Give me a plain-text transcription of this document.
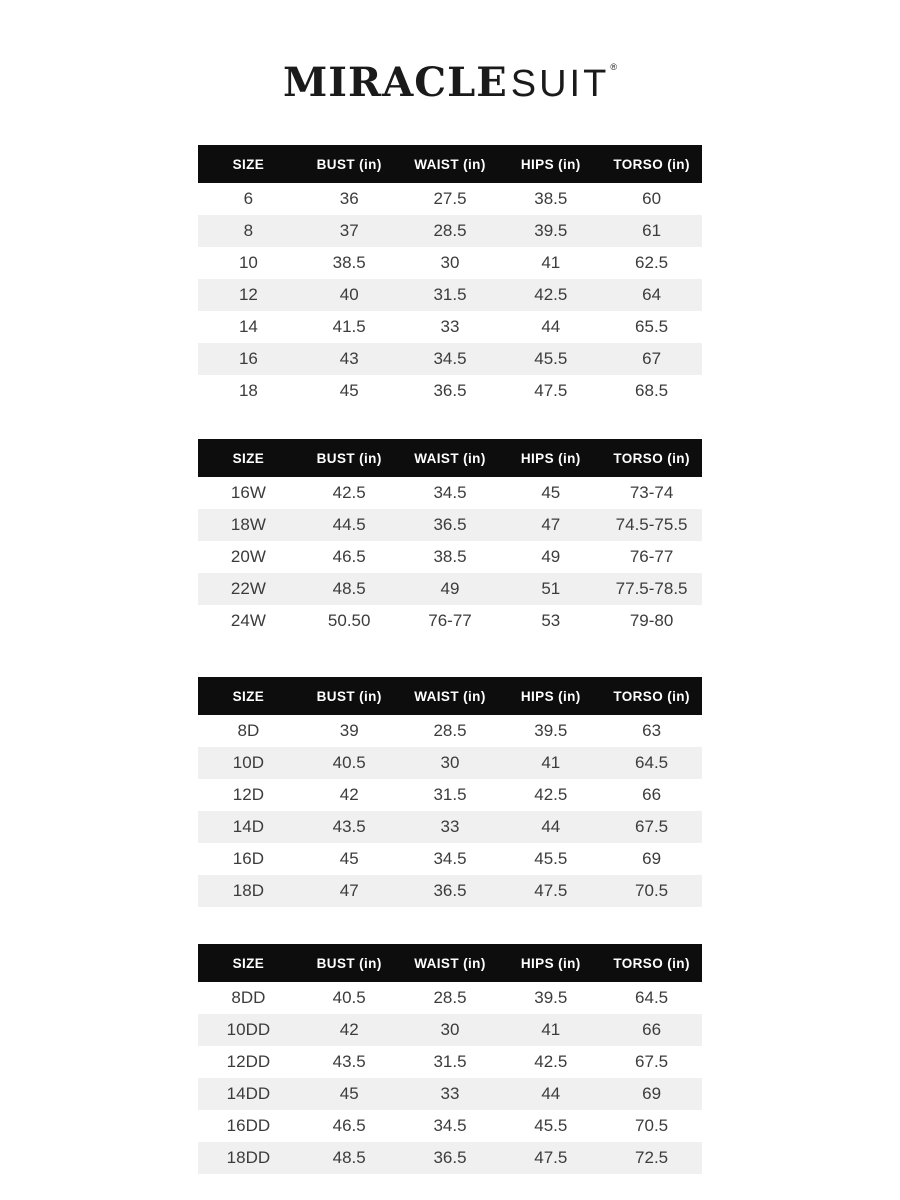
MIRACLESUIT®
SIZE	BUST (in)	WAIST (in)	HIPS (in)	TORSO (in)
6	36	27.5	38.5	60
8	37	28.5	39.5	61
10	38.5	30	41	62.5
12	40	31.5	42.5	64
14	41.5	33	44	65.5
16	43	34.5	45.5	67
18	45	36.5	47.5	68.5
SIZE	BUST (in)	WAIST (in)	HIPS (in)	TORSO (in)
16W	42.5	34.5	45	73-74
18W	44.5	36.5	47	74.5-75.5
20W	46.5	38.5	49	76-77
22W	48.5	49	51	77.5-78.5
24W	50.50	76-77	53	79-80
SIZE	BUST (in)	WAIST (in)	HIPS (in)	TORSO (in)
8D	39	28.5	39.5	63
10D	40.5	30	41	64.5
12D	42	31.5	42.5	66
14D	43.5	33	44	67.5
16D	45	34.5	45.5	69
18D	47	36.5	47.5	70.5
SIZE	BUST (in)	WAIST (in)	HIPS (in)	TORSO (in)
8DD	40.5	28.5	39.5	64.5
10DD	42	30	41	66
12DD	43.5	31.5	42.5	67.5
14DD	45	33	44	69
16DD	46.5	34.5	45.5	70.5
18DD	48.5	36.5	47.5	72.5
